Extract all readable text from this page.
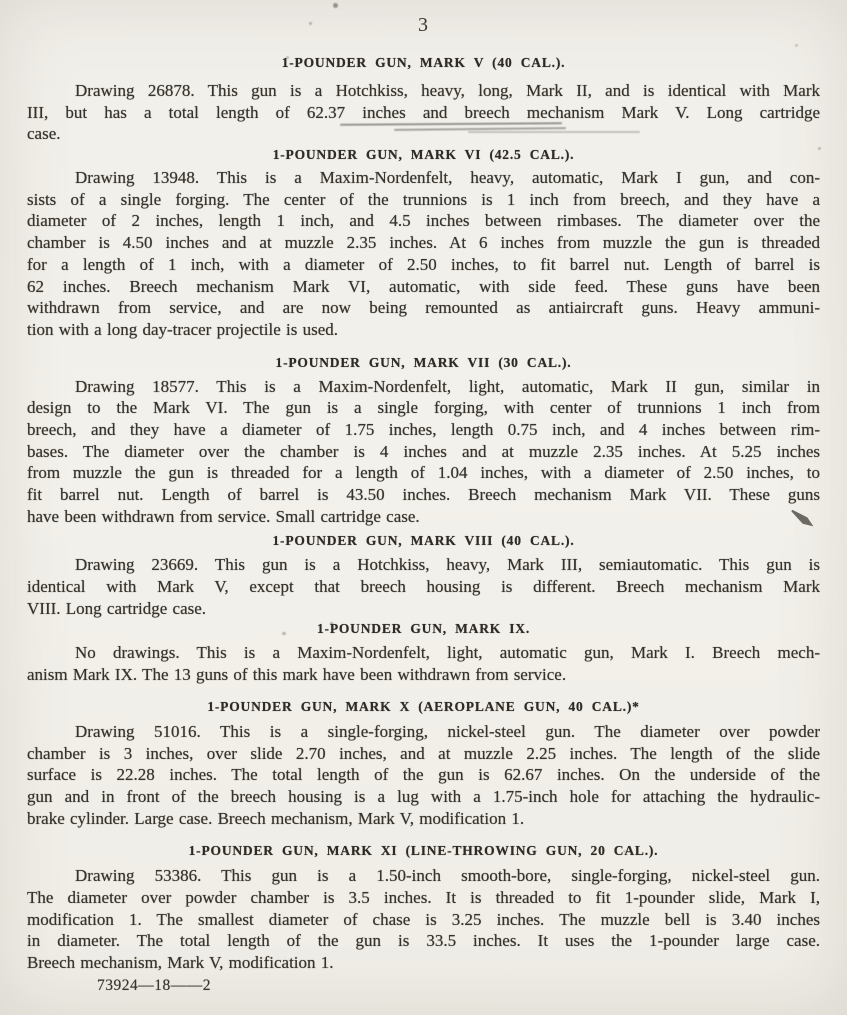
3
1-POUNDER GUN, MARK V (40 CAL.).
Drawing 26878. This gun is a Hotchkiss, heavy, long, Mark II, and is identical with Mark
III, but has a total length of 62.37 inches and breech mechanism Mark V. Long cartridge
case.
1-POUNDER GUN, MARK VI (42.5 CAL.).
Drawing 13948. This is a Maxim-Nordenfelt, heavy, automatic, Mark I gun, and con-
sists of a single forging. The center of the trunnions is 1 inch from breech, and they have a
diameter of 2 inches, length 1 inch, and 4.5 inches between rimbases. The diameter over the
chamber is 4.50 inches and at muzzle 2.35 inches. At 6 inches from muzzle the gun is threaded
for a length of 1 inch, with a diameter of 2.50 inches, to fit barrel nut. Length of barrel is
62 inches. Breech mechanism Mark VI, automatic, with side feed. These guns have been
withdrawn from service, and are now being remounted as antiaircraft guns. Heavy ammuni-
tion with a long day-tracer projectile is used.
1-POUNDER GUN, MARK VII (30 CAL.).
Drawing 18577. This is a Maxim-Nordenfelt, light, automatic, Mark II gun, similar in
design to the Mark VI. The gun is a single forging, with center of trunnions 1 inch from
breech, and they have a diameter of 1.75 inches, length 0.75 inch, and 4 inches between rim-
bases. The diameter over the chamber is 4 inches and at muzzle 2.35 inches. At 5.25 inches
from muzzle the gun is threaded for a length of 1.04 inches, with a diameter of 2.50 inches, to
fit barrel nut. Length of barrel is 43.50 inches. Breech mechanism Mark VII. These guns
have been withdrawn from service. Small cartridge case.
1-POUNDER GUN, MARK VIII (40 CAL.).
Drawing 23669. This gun is a Hotchkiss, heavy, Mark III, semiautomatic. This gun is
identical with Mark V, except that breech housing is different. Breech mechanism Mark
VIII. Long cartridge case.
1-POUNDER GUN, MARK IX.
No drawings. This is a Maxim-Nordenfelt, light, automatic gun, Mark I. Breech mech-
anism Mark IX. The 13 guns of this mark have been withdrawn from service.
1-POUNDER GUN, MARK X (AEROPLANE GUN, 40 CAL.)*
Drawing 51016. This is a single-forging, nickel-steel gun. The diameter over powder
chamber is 3 inches, over slide 2.70 inches, and at muzzle 2.25 inches. The length of the slide
surface is 22.28 inches. The total length of the gun is 62.67 inches. On the underside of the
gun and in front of the breech housing is a lug with a 1.75-inch hole for attaching the hydraulic-
brake cylinder. Large case. Breech mechanism, Mark V, modification 1.
1-POUNDER GUN, MARK XI (LINE-THROWING GUN, 20 CAL.).
Drawing 53386. This gun is a 1.50-inch smooth-bore, single-forging, nickel-steel gun.
The diameter over powder chamber is 3.5 inches. It is threaded to fit 1-pounder slide, Mark I,
modification 1. The smallest diameter of chase is 3.25 inches. The muzzle bell is 3.40 inches
in diameter. The total length of the gun is 33.5 inches. It uses the 1-pounder large case.
Breech mechanism, Mark V, modification 1.
73924—18——2
